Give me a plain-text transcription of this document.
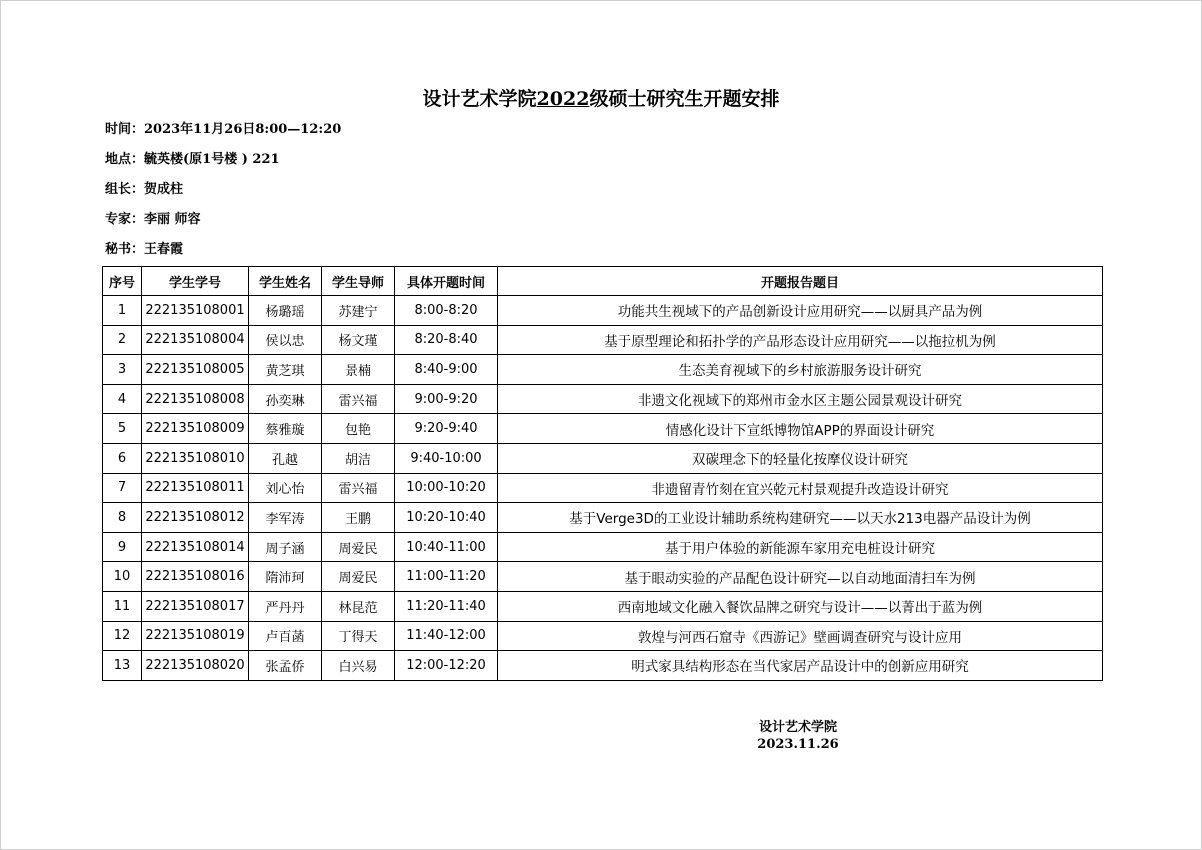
设计艺术学院2022级硕士研究生开题安排
时间：2023年11月26日8:00—12:20
地点：毓英楼(原1号楼 ) 221
组长：贺成柱
专家：李丽 师容
秘书：王春霞
序号	学生学号	学生姓名	学生导师	具体开题时间	开题报告题目
1	222135108001	杨璐瑶	苏建宁	8:00-8:20	功能共生视域下的产品创新设计应用研究——以厨具产品为例
2	222135108004	侯以忠	杨文瑾	8:20-8:40	基于原型理论和拓扑学的产品形态设计应用研究——以拖拉机为例
3	222135108005	黄芝琪	景楠	8:40-9:00	生态美育视域下的乡村旅游服务设计研究
4	222135108008	孙奕琳	雷兴福	9:00-9:20	非遗文化视域下的郑州市金水区主题公园景观设计研究
5	222135108009	蔡雅璇	包艳	9:20-9:40	情感化设计下宣纸博物馆APP的界面设计研究
6	222135108010	孔越	胡洁	9:40-10:00	双碳理念下的轻量化按摩仪设计研究
7	222135108011	刘心怡	雷兴福	10:00-10:20	非遗留青竹刻在宜兴乾元村景观提升改造设计研究
8	222135108012	李军涛	王鹏	10:20-10:40	基于Verge3D的工业设计辅助系统构建研究——以天水213电器产品设计为例
9	222135108014	周子涵	周爱民	10:40-11:00	基于用户体验的新能源车家用充电桩设计研究
10	222135108016	隋沛珂	周爱民	11:00-11:20	基于眼动实验的产品配色设计研究—以自动地面清扫车为例
11	222135108017	严丹丹	林昆范	11:20-11:40	西南地域文化融入餐饮品牌之研究与设计——以菁出于蓝为例
12	222135108019	卢百菡	丁得天	11:40-12:00	敦煌与河西石窟寺《西游记》壁画调查研究与设计应用
13	222135108020	张孟侨	白兴易	12:00-12:20	明式家具结构形态在当代家居产品设计中的创新应用研究
设计艺术学院
2023.11.26
